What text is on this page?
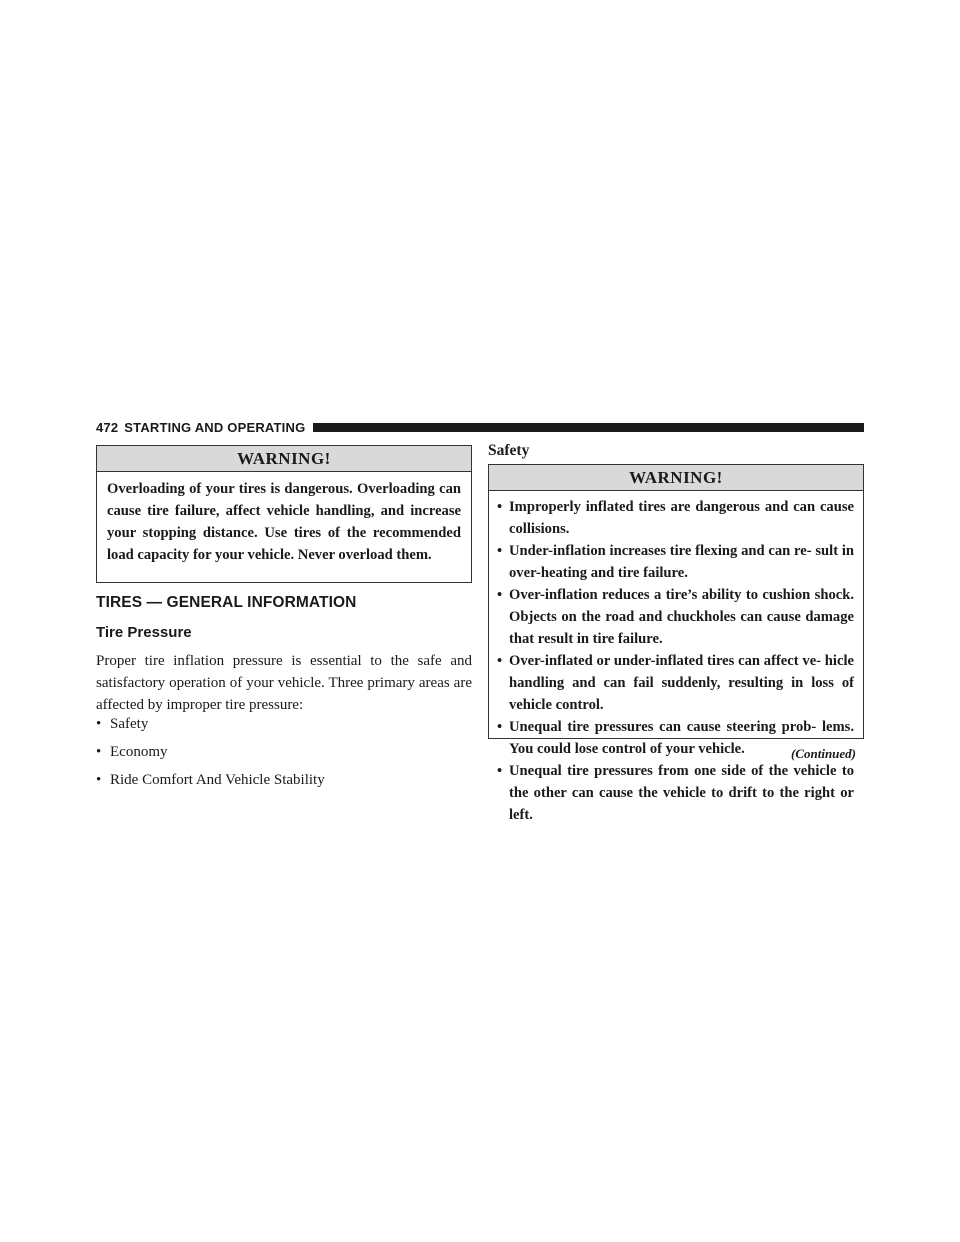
472 STARTING AND OPERATING
WARNING!
Overloading of your tires is dangerous. Overloading can cause tire failure, affect vehicle handling, and increase your stopping distance. Use tires of the recommended load capacity for your vehicle. Never overload them.
TIRES — GENERAL INFORMATION
Tire Pressure

Proper tire inflation pressure is essential to the safe and satisfactory operation of your vehicle. Three primary areas are affected by improper tire pressure:

• Safety
• Economy
• Ride Comfort And Vehicle Stability
Safety
WARNING!
• Improperly inflated tires are dangerous and can cause collisions.
• Under-inflation increases tire flexing and can re- sult in over-heating and tire failure.
• Over-inflation reduces a tire’s ability to cushion shock. Objects on the road and chuckholes can cause damage that result in tire failure.
• Over-inflated or under-inflated tires can affect ve- hicle handling and can fail suddenly, resulting in loss of vehicle control.
• Unequal tire pressures can cause steering prob- lems. You could lose control of your vehicle.
• Unequal tire pressures from one side of the vehicle to the other can cause the vehicle to drift to the right or left.
(Continued)
